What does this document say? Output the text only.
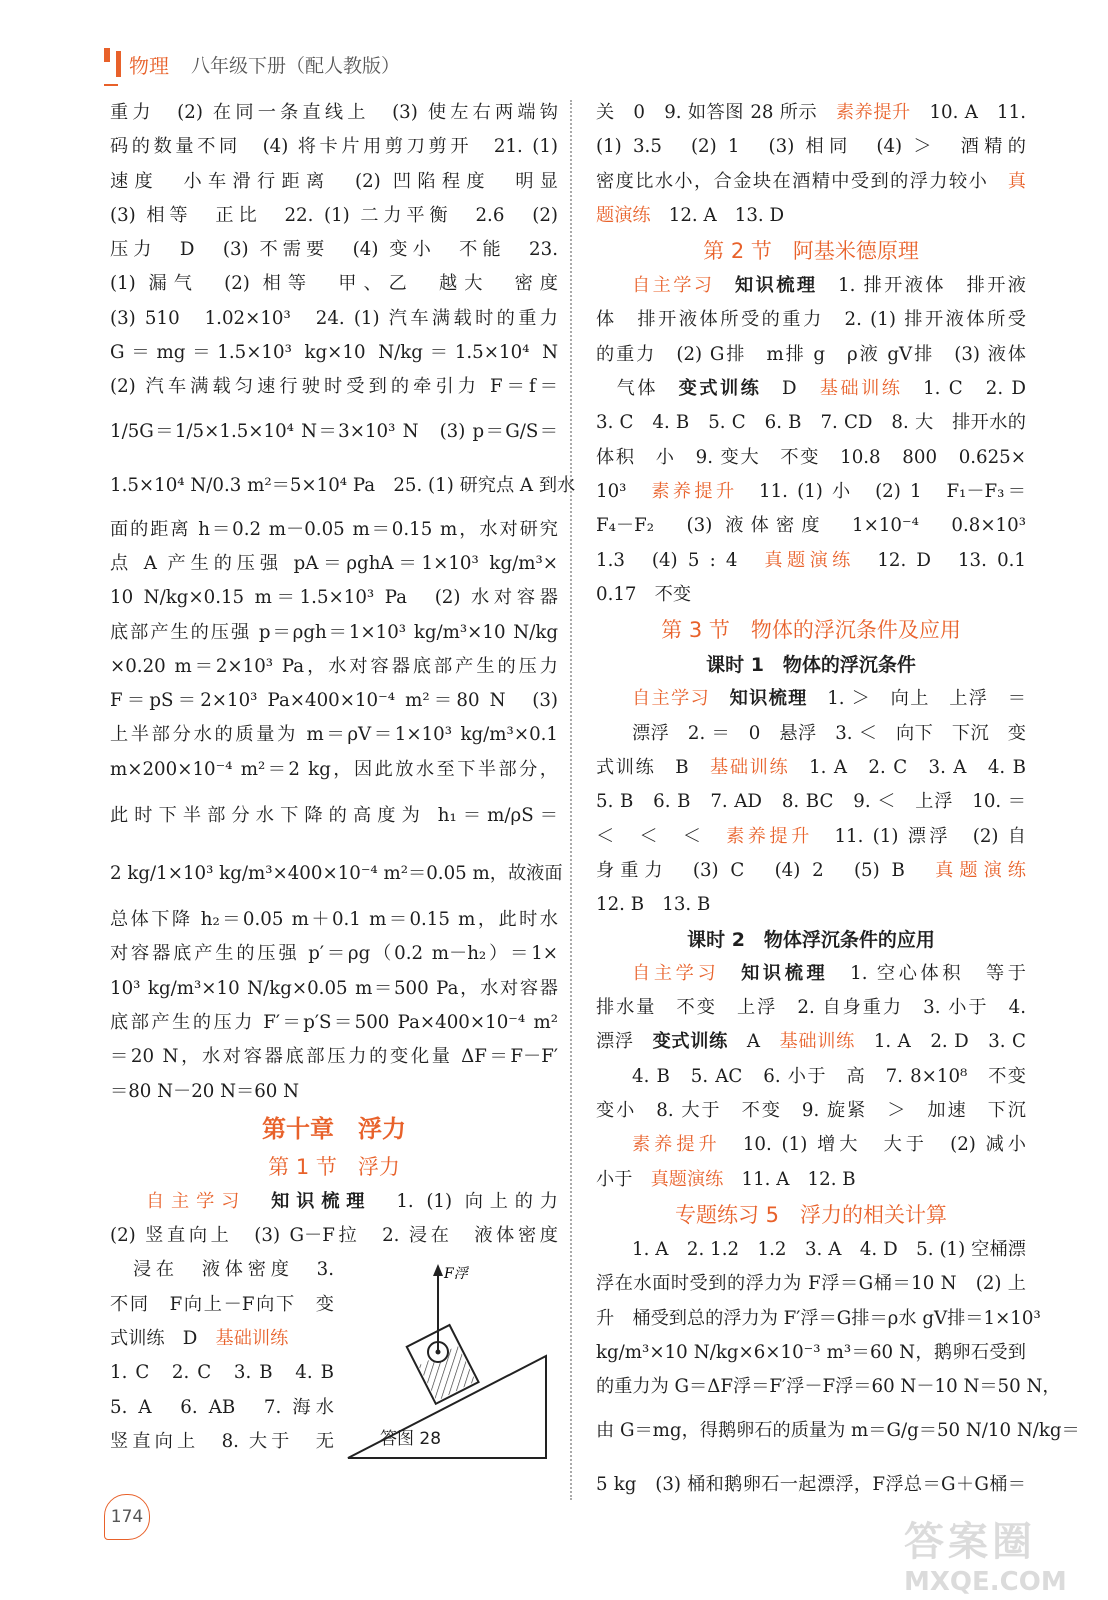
物理 八年级下册（配人教版）
重力　(2) 在同一条直线上　(3) 使左右两端钩
码的数量不同　(4) 将卡片用剪刀剪开　21. (1)
速度　小车滑行距离　(2) 凹陷程度　明显
(3) 相等　正比　22. (1) 二力平衡　2.6　(2)
压力　D　(3) 不需要　(4) 变小　不能　23.
(1) 漏气　(2) 相等　甲、乙　越大　密度
(3) 510　1.02×10³　24. (1) 汽车满载时的重力
G＝mg＝1.5×10³ kg×10 N/kg＝1.5×10⁴ N
(2) 汽车满载匀速行驶时受到的牵引力 F＝f＝
1/5G＝1/5×1.5×10⁴ N＝3×10³ N　(3) p＝G/S＝
1.5×10⁴ N/0.3 m²＝5×10⁴ Pa　25. (1) 研究点 A 到水
面的距离 h＝0.2 m－0.05 m＝0.15 m，水对研究
点 A 产生的压强 pA＝ρghA＝1×10³ kg/m³×
10 N/kg×0.15 m＝1.5×10³ Pa　(2) 水对容器
底部产生的压强 p＝ρgh＝1×10³ kg/m³×10 N/kg
×0.20 m＝2×10³ Pa，水对容器底部产生的压力
F＝pS＝2×10³ Pa×400×10⁻⁴ m²＝80 N　(3)
上半部分水的质量为 m＝ρV＝1×10³ kg/m³×0.1
m×200×10⁻⁴ m²＝2 kg，因此放水至下半部分，
此时下半部分水下降的高度为 h₁＝m/ρS＝
2 kg/1×10³ kg/m³×400×10⁻⁴ m²＝0.05 m，故液面
总体下降 h₂＝0.05 m＋0.1 m＝0.15 m，此时水
对容器底产生的压强 p′＝ρg（0.2 m－h₂）＝1×
10³ kg/m³×10 N/kg×0.05 m＝500 Pa，水对容器
底部产生的压力 F′＝p′S＝500 Pa×400×10⁻⁴ m²
＝20 N，水对容器底部压力的变化量 ΔF＝F－F′
＝80 N－20 N＝60 N
第十章　浮力
第 1 节　浮力
自主学习　知识梳理　1. (1) 向上的力
(2) 竖直向上　(3) G－F拉　2. 浸在　液体密度
　浸在　液体密度　3.
不同　F向上－F向下　变
式训练　D　基础训练
1. C　2. C　3. B　4. B
5. A　6. AB　7. 海水
竖直向上　8. 大于　无
关　0　9. 如答图 28 所示　素养提升　10. A　11.
(1) 3.5　(2) 1　(3) 相同　(4) ＞　酒精的
密度比水小，合金块在酒精中受到的浮力较小　真
题演练　12. A　13. D
第 2 节　阿基米德原理
自主学习　知识梳理　1. 排开液体　排开液
体　排开液体所受的重力　2. (1) 排开液体所受
的重力　(2) G排　m排 g　ρ液 gV排　(3) 液体
　气体　变式训练　D　基础训练　1. C　2. D
3. C　4. B　5. C　6. B　7. CD　8. 大　排开水的
体积　小　9. 变大　不变　10.8　800　0.625×
10³　素养提升　11. (1) 小　(2) 1　F₁－F₃＝
F₄－F₂　(3) 液体密度　1×10⁻⁴　0.8×10³
1.3　(4) 5 : 4　真题演练　12. D　13. 0.1
0.17　不变
第 3 节　物体的浮沉条件及应用
课时 1　物体的浮沉条件
自主学习　知识梳理　1. ＞　向上　上浮　＝
漂浮　2. ＝　0　悬浮　3. ＜　向下　下沉　变
式训练　B　基础训练　1. A　2. C　3. A　4. B
5. B　6. B　7. AD　8. BC　9. ＜　上浮　10. ＝
＜　＜　＜　素养提升　11. (1) 漂浮　(2) 自
身重力　(3) C　(4) 2　(5) B　真题演练
12. B　13. B
课时 2　物体浮沉条件的应用
自主学习　知识梳理　1. 空心体积　等于
排水量　不变　上浮　2. 自身重力　3. 小于　4.
漂浮　变式训练　A　基础训练　1. A　2. D　3. C
4. B　5. AC　6. 小于　高　7. 8×10⁸　不变
变小　8. 大于　不变　9. 旋紧　＞　加速　下沉
素养提升　10. (1) 增大　大于　(2) 减小
小于　真题演练　11. A　12. B
专题练习 5　浮力的相关计算
1. A　2. 1.2　1.2　3. A　4. D　5. (1) 空桶漂
浮在水面时受到的浮力为 F浮＝G桶＝10 N　(2) 上
升　桶受到总的浮力为 F′浮＝G排＝ρ水 gV排＝1×10³
kg/m³×10 N/kg×6×10⁻³ m³＝60 N，鹅卵石受到
的重力为 G＝ΔF浮＝F′浮－F浮＝60 N－10 N＝50 N，
由 G＝mg，得鹅卵石的质量为 m＝G/g＝50 N/10 N/kg＝
5 kg　(3) 桶和鹅卵石一起漂浮，F浮总＝G＋G桶＝
F浮
答图 28
174
答案圈
MXQE.COM
